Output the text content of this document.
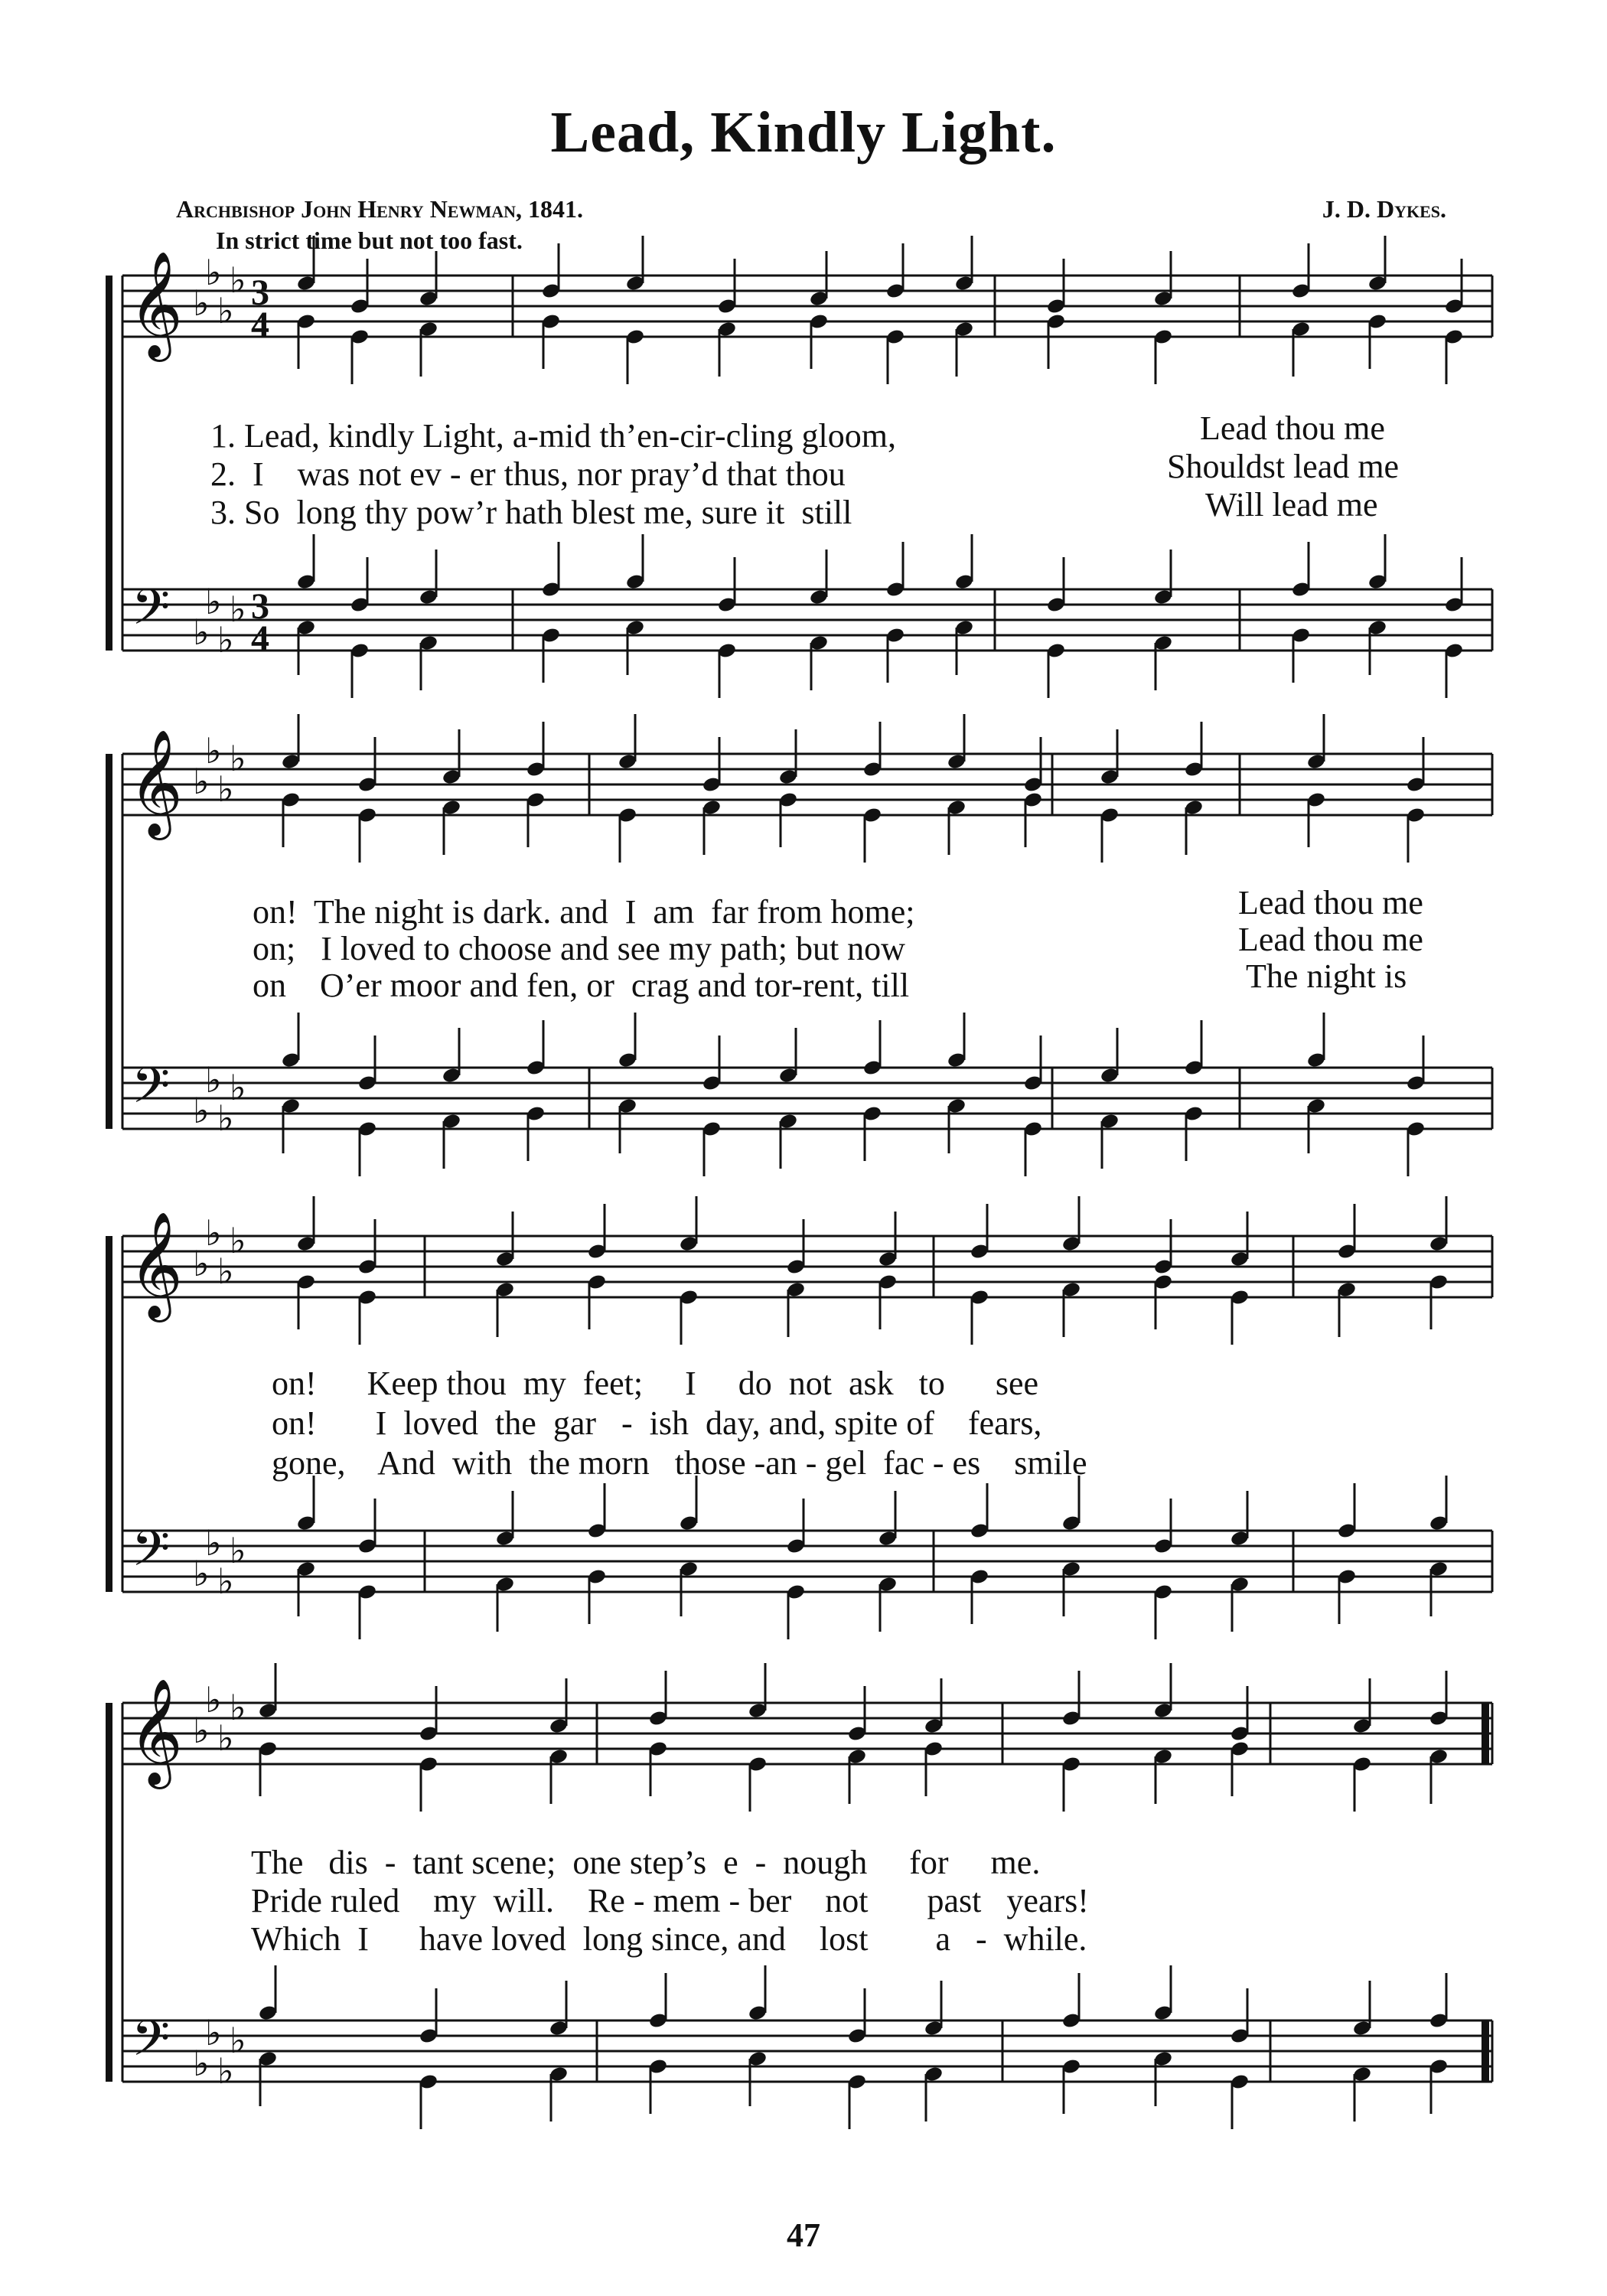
Lead, Kindly Light.
Archbishop John Henry Newman, 1841.	J. D. Dykes.
In strict time but not too fast.
𝄞
𝄢
♭
♭
♭
♭
♭
♭
♭
♭
3
4
3
4
𝄞
𝄢
♭
♭
♭
♭
♭
♭
♭
♭
𝄞
𝄢
♭
♭
♭
♭
♭
♭
♭
♭
𝄞
𝄢
♭
♭
♭
♭
♭
♭
♭
♭
1. Lead, kindly Light, a-mid th’en-cir-cling gloom,	Lead thou me
2.  I    was not ev - er thus, nor pray’d that thou	Shouldst lead me
3. So  long thy pow’r hath blest me, sure it  still	Will lead me
on!  The night is dark. and  I  am  far from home;	Lead thou me
on;   I loved to choose and see my path; but now	Lead thou me
on    O’er moor and fen, or  crag and tor-rent, till	The night is
on!      Keep thou  my  feet;     I     do  not  ask   to      see
on!       I  loved  the  gar   -  ish  day, and, spite of    fears,
gone,    And  with  the morn   those -an - gel  fac - es    smile
The   dis  -  tant scene;  one step’s  e  -  nough     for     me.
Pride ruled    my  will.    Re - mem - ber    not       past   years!
Which  I      have loved  long since, and    lost        a   -  while.
47
